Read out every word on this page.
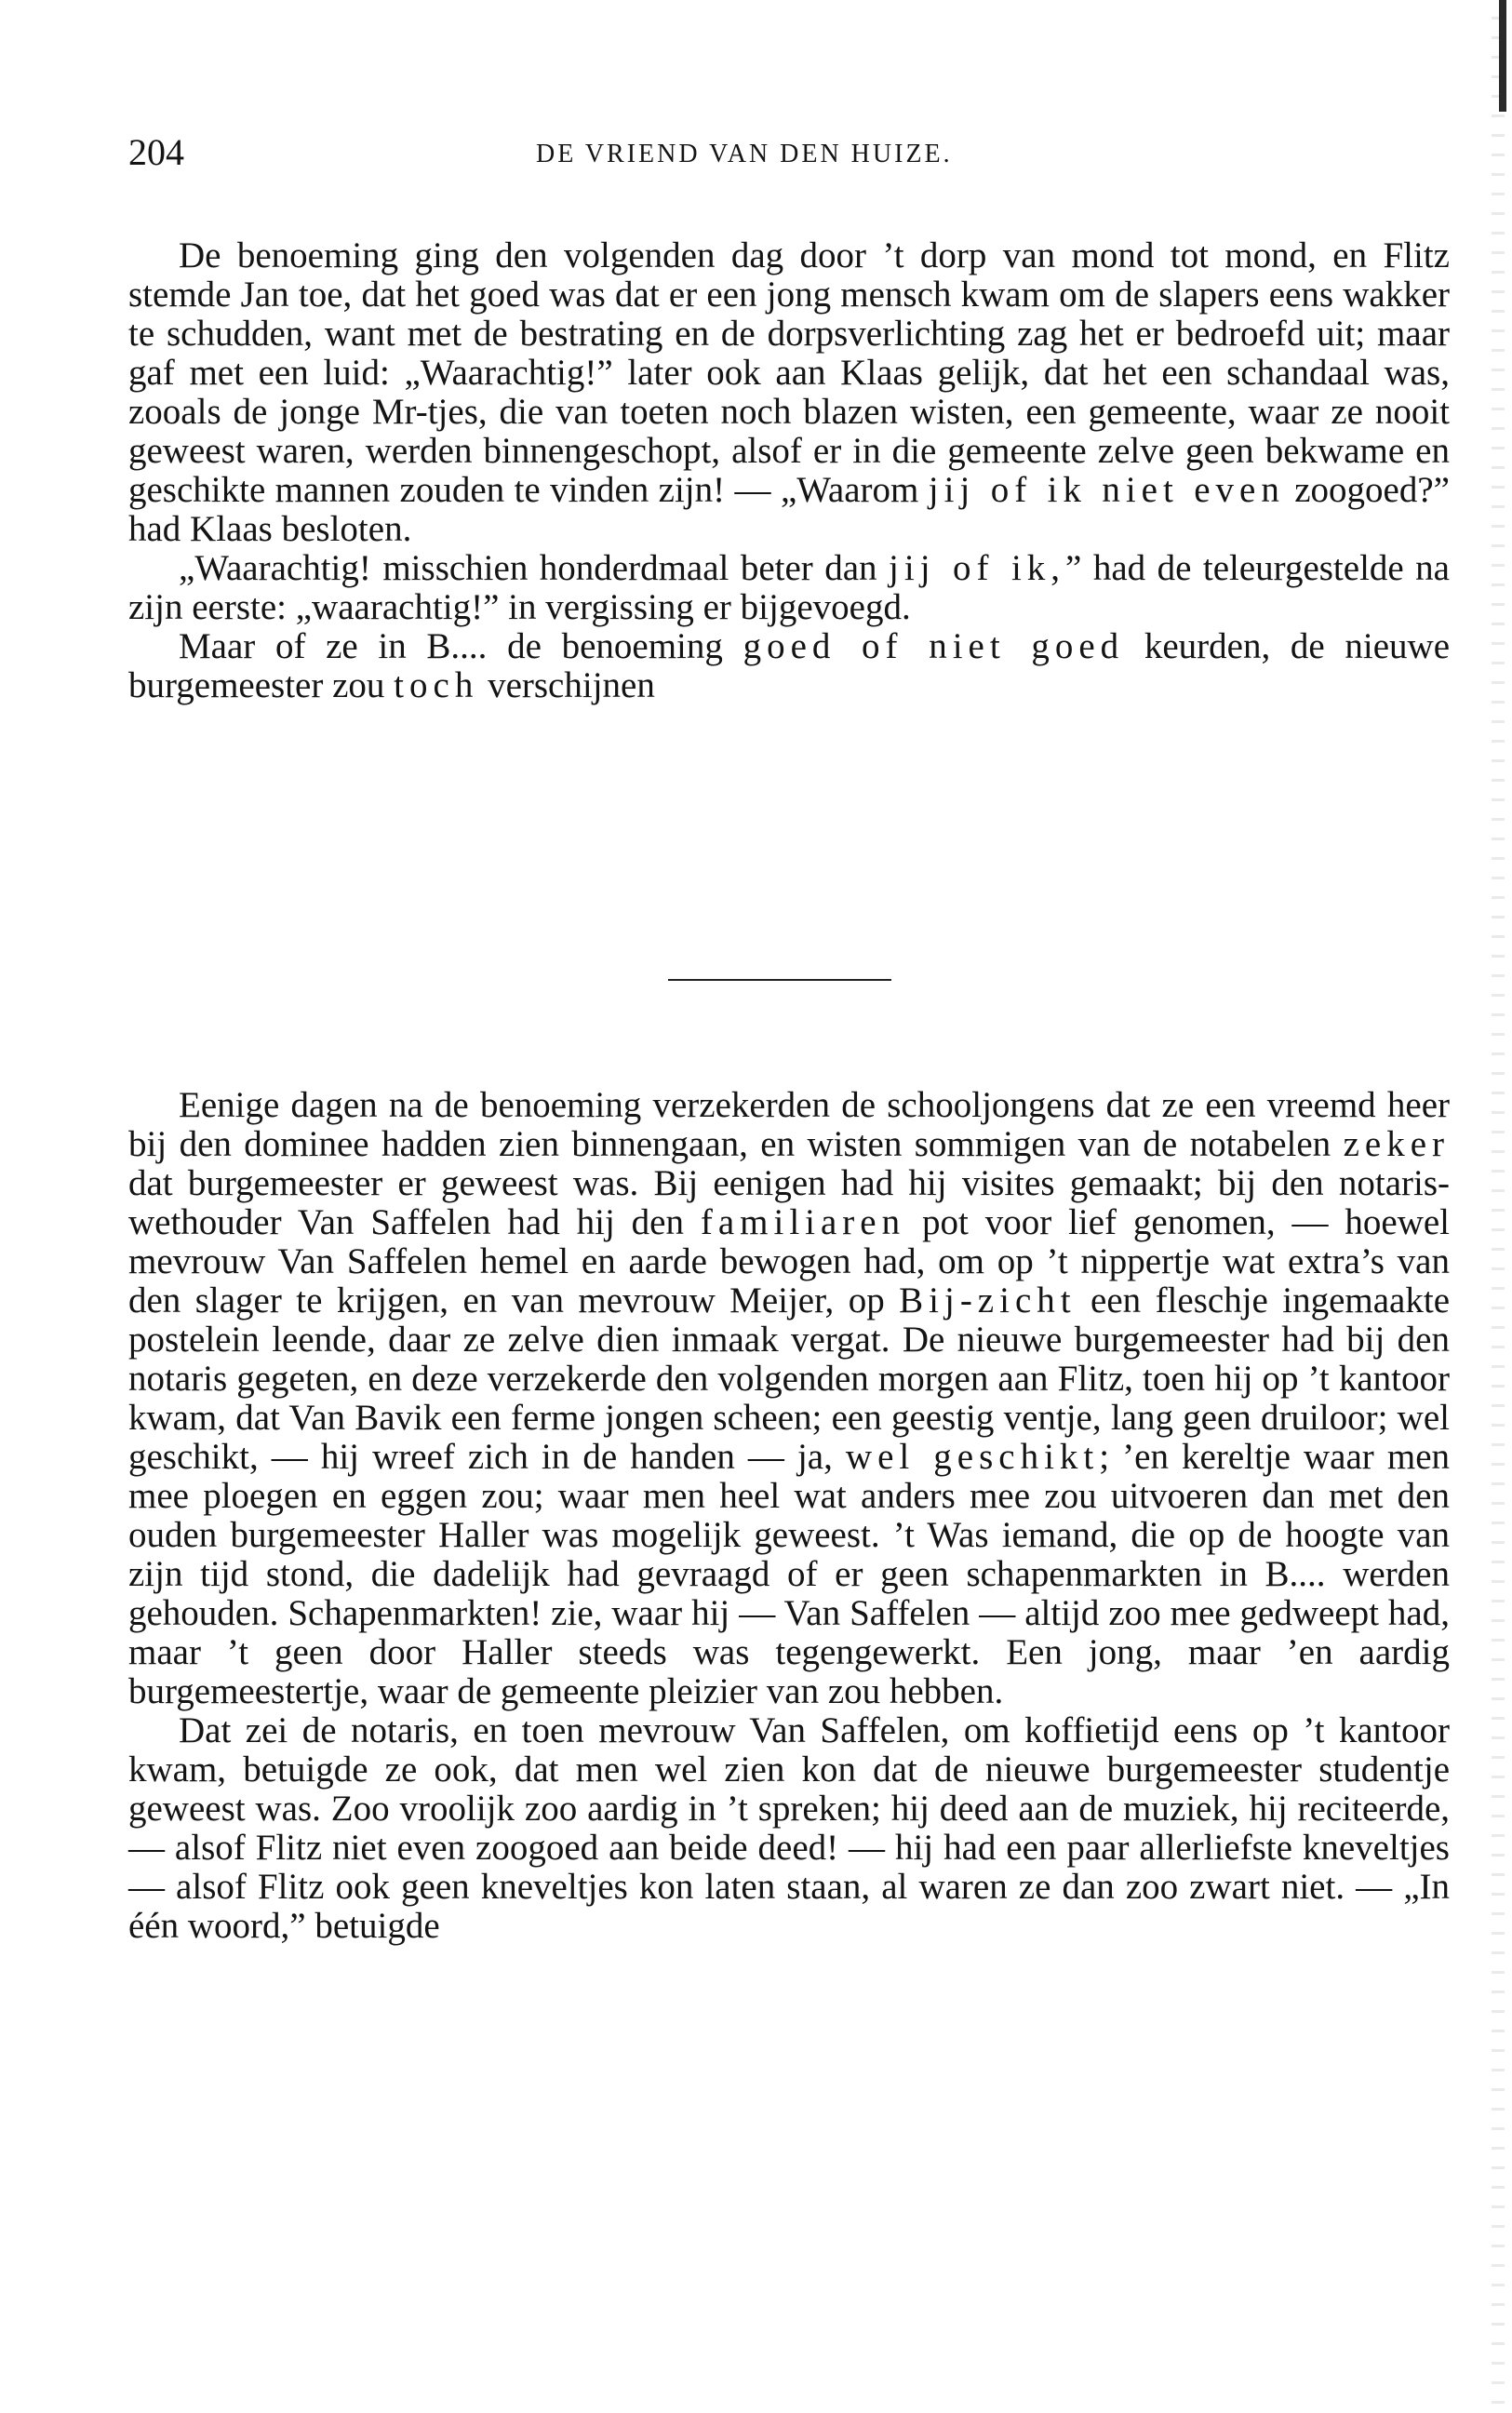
204	DE VRIEND VAN DEN HUIZE.

De benoeming ging den volgenden dag door ’t dorp van mond tot mond, en Flitz stemde Jan toe, dat het goed was dat er een jong mensch kwam om de slapers eens wakker te schudden, want met de bestrating en de dorpsverlichting zag het er bedroefd uit; maar gaf met een luid: „Waarachtig!” later ook aan Klaas gelijk, dat het een schandaal was, zooals de jonge Mr-tjes, die van toeten noch blazen wisten, een gemeente, waar ze nooit geweest waren, werden binnengeschopt, alsof er in die gemeente zelve geen bekwame en geschikte mannen zouden te vinden zijn! — „Waarom jij of ik niet even zoogoed?” had Klaas besloten.

„Waarachtig! misschien honderdmaal beter dan jij of ik,” had de teleurgestelde na zijn eerste: „waarachtig!” in vergissing er bijgevoegd.

Maar of ze in B.... de benoeming goed of niet goed keurden, de nieuwe burgemeester zou toch verschijnen

Eenige dagen na de benoeming verzekerden de schooljongens dat ze een vreemd heer bij den dominee hadden zien binnengaan, en wisten sommigen van de notabelen zeker dat burgemeester er geweest was. Bij eenigen had hij visites gemaakt; bij den notaris-wethouder Van Saffelen had hij den familiaren pot voor lief genomen, — hoewel mevrouw Van Saffelen hemel en aarde bewogen had, om op ’t nippertje wat extra’s van den slager te krijgen, en van mevrouw Meijer, op Bij-zicht een fleschje ingemaakte postelein leende, daar ze zelve dien inmaak vergat. De nieuwe burgemeester had bij den notaris gegeten, en deze verzekerde den volgenden morgen aan Flitz, toen hij op ’t kantoor kwam, dat Van Bavik een ferme jongen scheen; een geestig ventje, lang geen druiloor; wel geschikt, — hij wreef zich in de handen — ja, wel geschikt; ’en kereltje waar men mee ploegen en eggen zou; waar men heel wat anders mee zou uitvoeren dan met den ouden burgemeester Haller was mogelijk geweest. ’t Was iemand, die op de hoogte van zijn tijd stond, die dadelijk had gevraagd of er geen schapenmarkten in B.... werden gehouden. Schapenmarkten! zie, waar hij — Van Saffelen — altijd zoo mee gedweept had, maar ’t geen door Haller steeds was tegengewerkt. Een jong, maar ’en aardig burgemeestertje, waar de gemeente pleizier van zou hebben.

Dat zei de notaris, en toen mevrouw Van Saffelen, om koffietijd eens op ’t kantoor kwam, betuigde ze ook, dat men wel zien kon dat de nieuwe burgemeester studentje geweest was. Zoo vroolijk zoo aardig in ’t spreken; hij deed aan de muziek, hij reciteerde, — alsof Flitz niet even zoogoed aan beide deed! — hij had een paar allerliefste kneveltjes — alsof Flitz ook geen kneveltjes kon laten staan, al waren ze dan zoo zwart niet. — „In één woord,” betuigde
